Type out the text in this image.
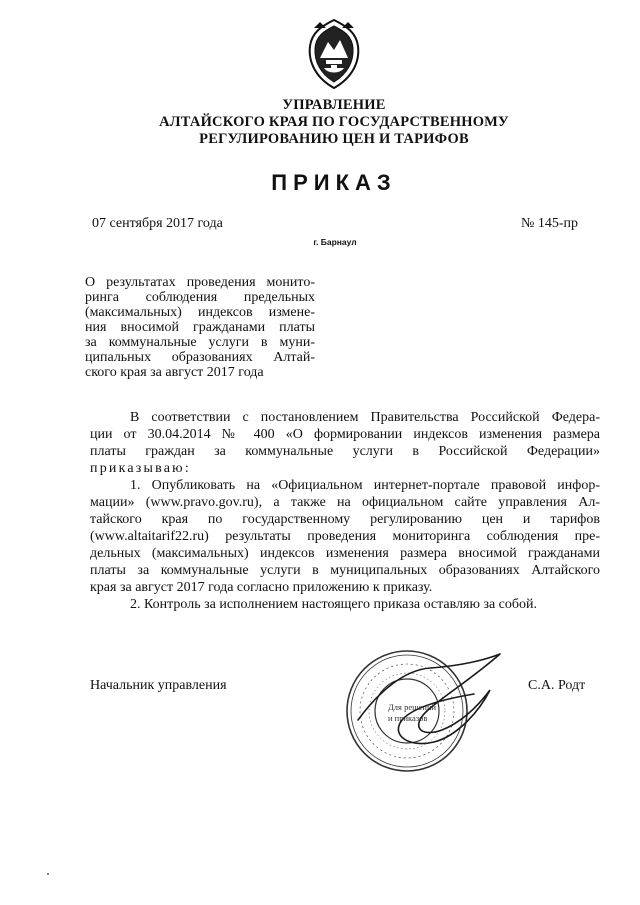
УПРАВЛЕНИЕ
АЛТАЙСКОГО КРАЯ ПО ГОСУДАРСТВЕННОМУ
РЕГУЛИРОВАНИЮ ЦЕН И ТАРИФОВ
ПРИКАЗ
07 сентября 2017 года	№ 145-пр
г. Барнаул
О результатах проведения монито-
ринга соблюдения предельных
(максимальных) индексов измене-
ния вносимой гражданами платы
за коммунальные услуги в муни-
ципальных образованиях Алтай-
ского края за август 2017 года
В соответствии с постановлением Правительства Российской Федера-
ции от 30.04.2014 № 400 «О формировании индексов изменения размера
платы граждан за коммунальные услуги в Российской Федерации»
приказываю:
1. Опубликовать на «Официальном интернет-портале правовой инфор-
мации» (www.pravo.gov.ru), а также на официальном сайте управления Ал-
тайского края по государственному регулированию цен и тарифов
(www.altaitarif22.ru) результаты проведения мониторинга соблюдения пре-
дельных (максимальных) индексов изменения размера вносимой гражданами
платы за коммунальные услуги в муниципальных образованиях Алтайского
края за август 2017 года согласно приложению к приказу.
2. Контроль за исполнением настоящего приказа оставляю за собой.
Начальник управления	С.А. Родт
Для решений
и приказов
